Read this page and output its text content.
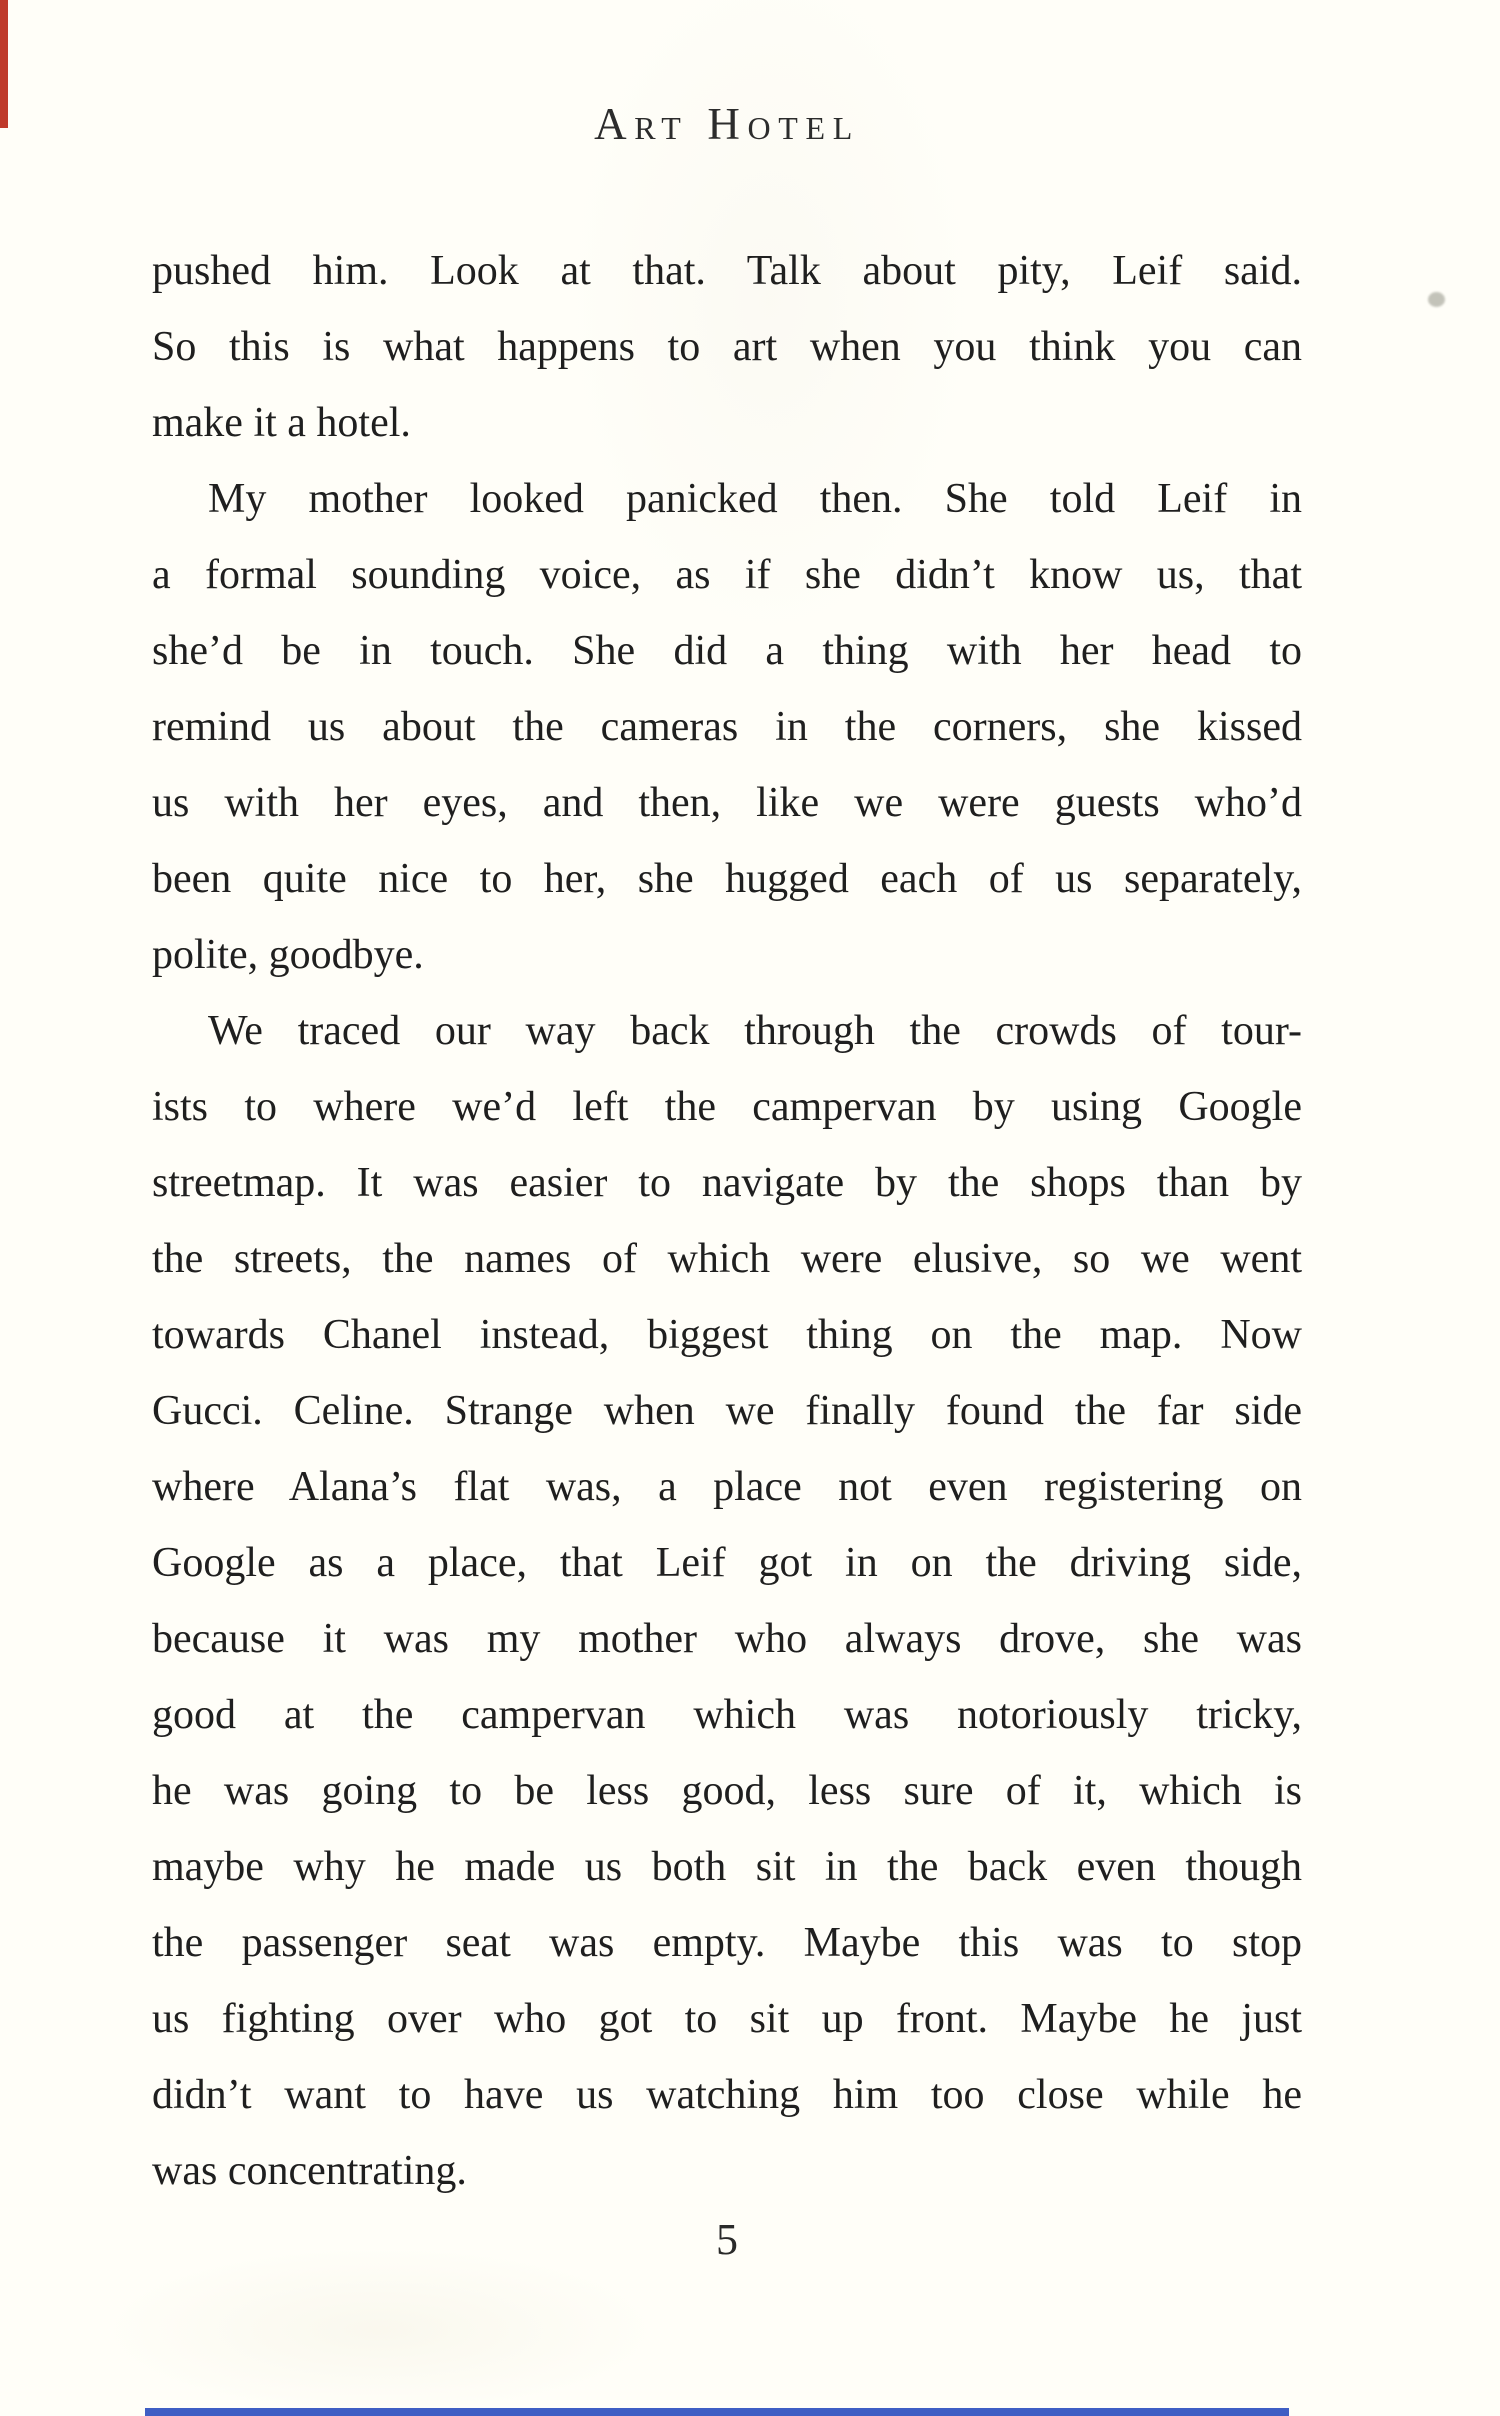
Art Hotel
pushed him. Look at that. Talk about pity, Leif said.
So this is what happens to art when you think you can
make it a hotel.
My mother looked panicked then. She told Leif in
a formal sounding voice, as if she didn’t know us, that
she’d be in touch. She did a thing with her head to
remind us about the cameras in the corners, she kissed
us with her eyes, and then, like we were guests who’d
been quite nice to her, she hugged each of us separately,
polite, goodbye.
We traced our way back through the crowds of tour-
ists to where we’d left the campervan by using Google
streetmap. It was easier to navigate by the shops than by
the streets, the names of which were elusive, so we went
towards Chanel instead, biggest thing on the map. Now
Gucci. Celine. Strange when we finally found the far side
where Alana’s flat was, a place not even registering on
Google as a place, that Leif got in on the driving side,
because it was my mother who always drove, she was
good at the campervan which was notoriously tricky,
he was going to be less good, less sure of it, which is
maybe why he made us both sit in the back even though
the passenger seat was empty. Maybe this was to stop
us fighting over who got to sit up front. Maybe he just
didn’t want to have us watching him too close while he
was concentrating.
5
